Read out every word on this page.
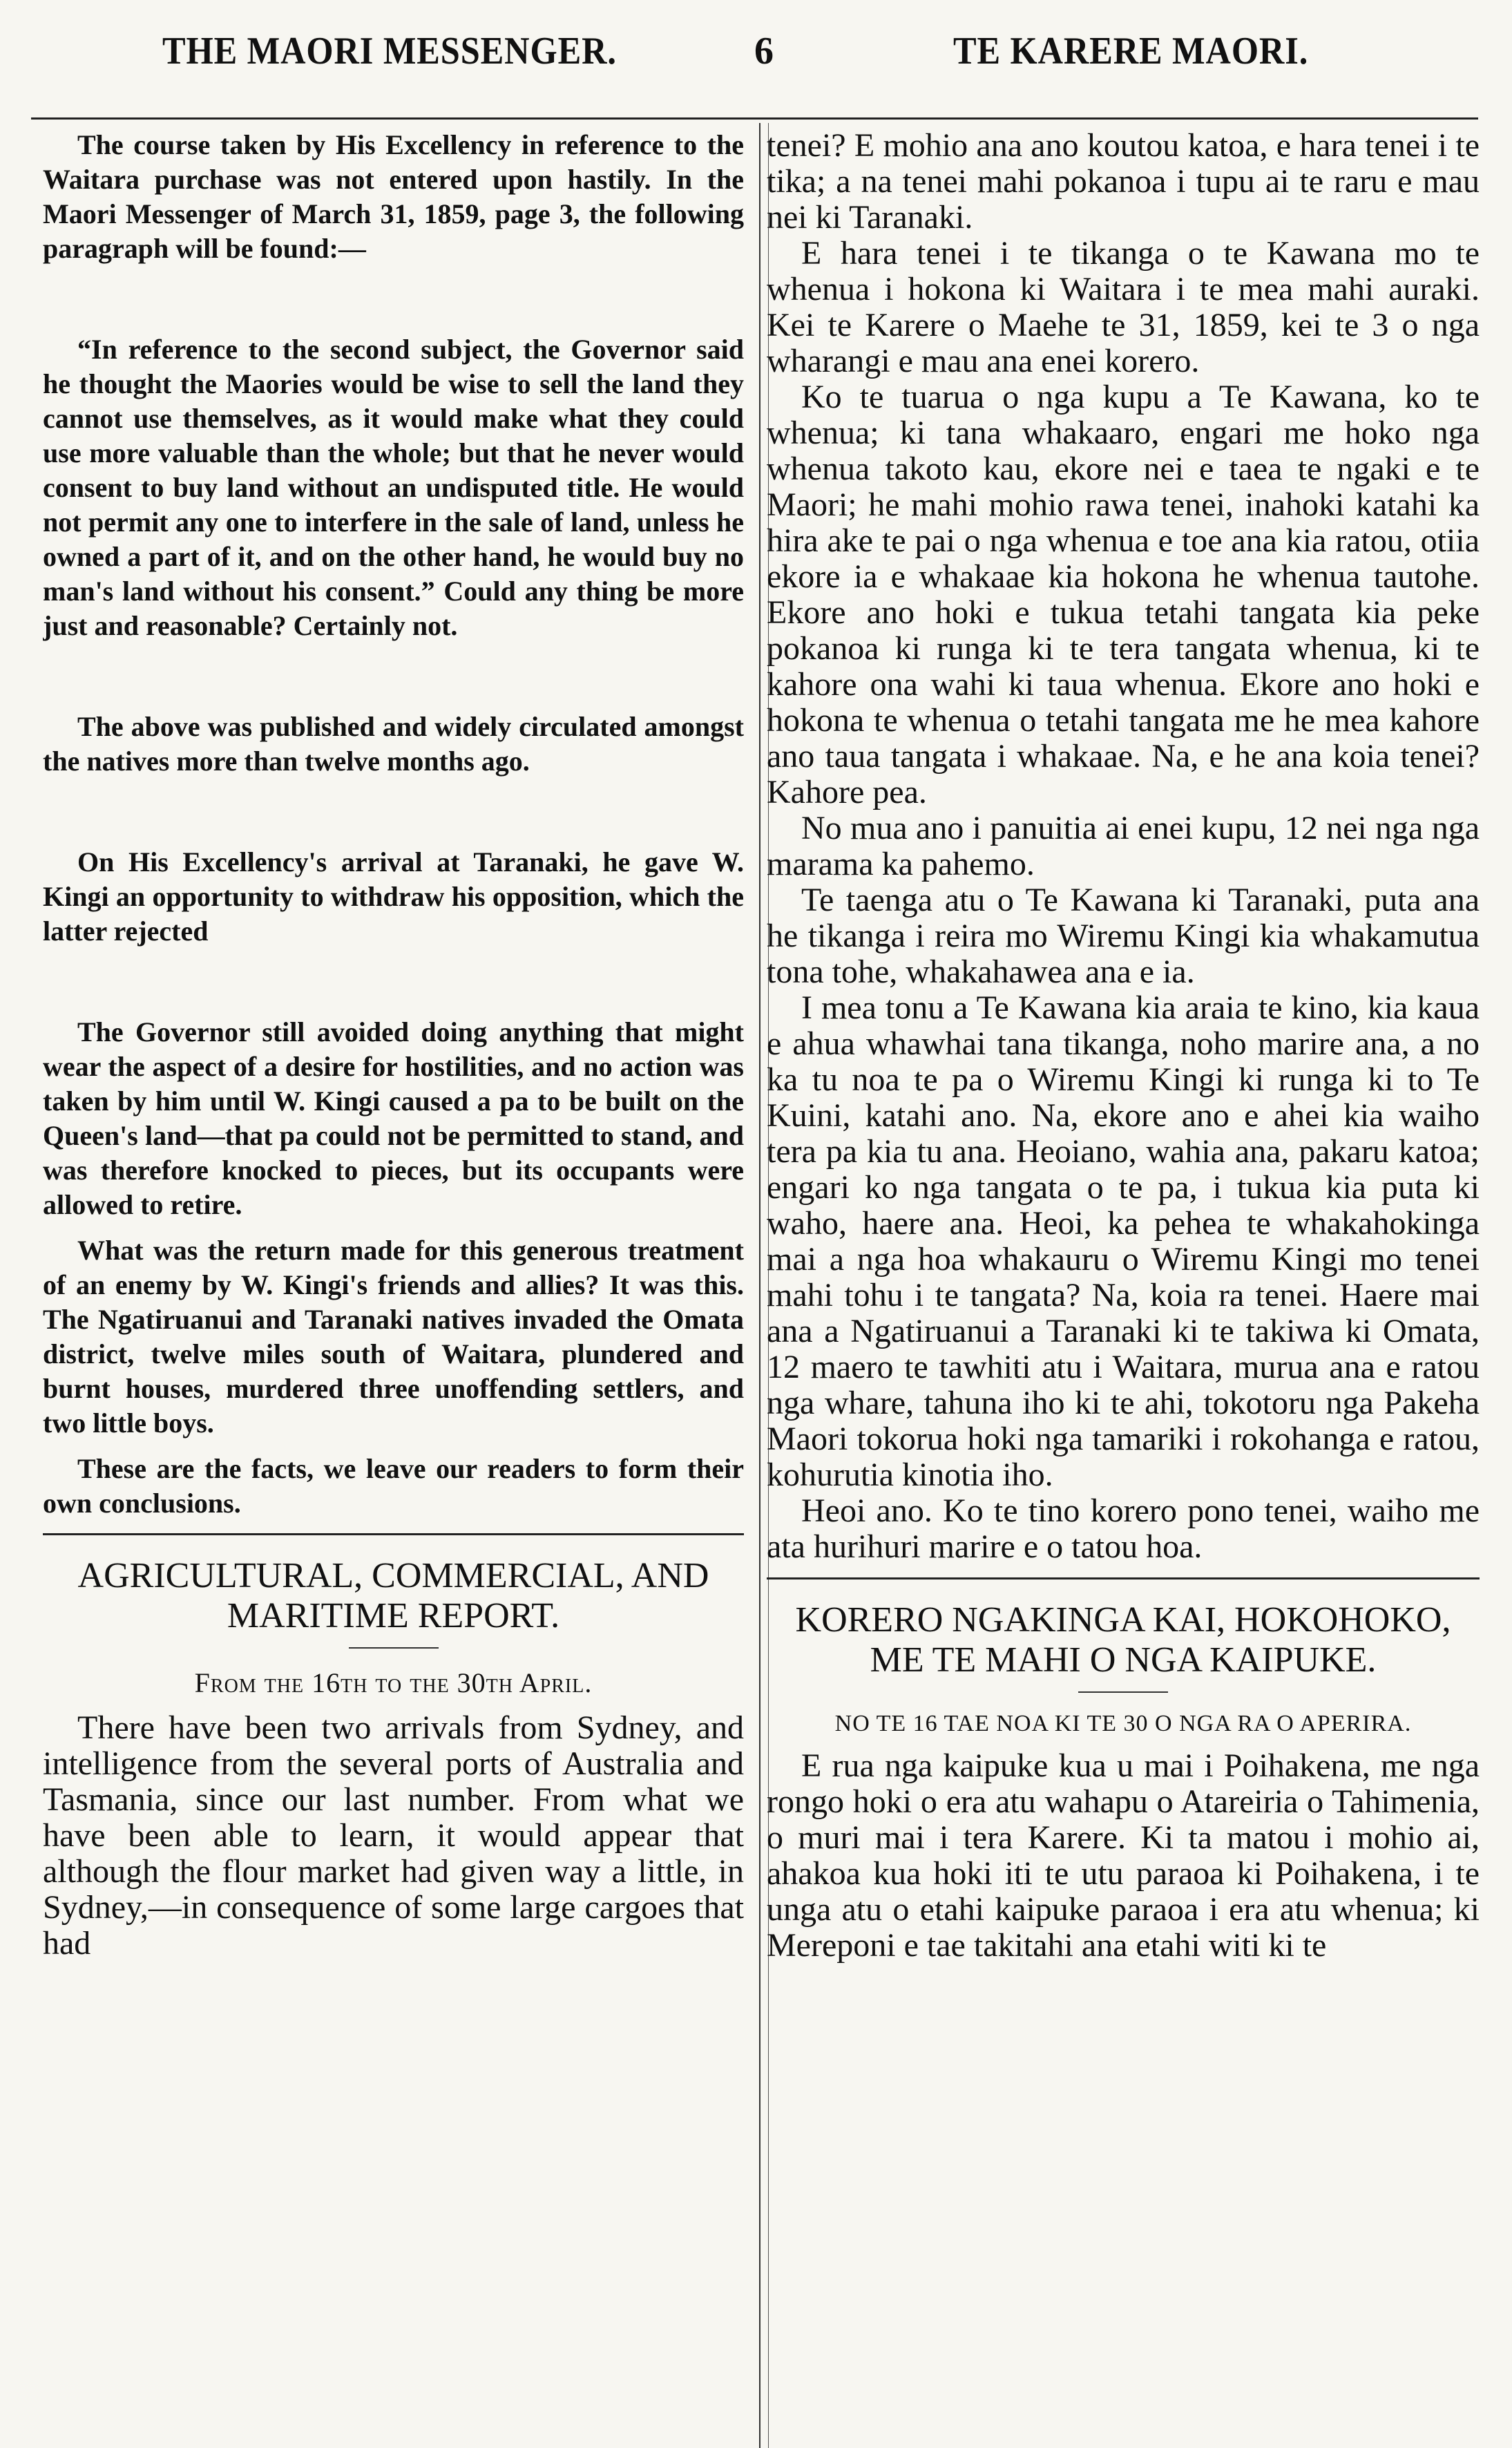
THE MAORI MESSENGER.	6	TE KARERE MAORI.

The course taken by His Excellency in reference to the Waitara purchase was not entered upon hastily. In the Maori Messenger of March 31, 1859, page 3, the following paragraph will be found:—

“In reference to the second subject, the Governor said he thought the Maories would be wise to sell the land they cannot use themselves, as it would make what they could use more valuable than the whole; but that he never would consent to buy land without an undisputed title. He would not permit any one to interfere in the sale of land, unless he owned a part of it, and on the other hand, he would buy no man's land without his consent.” Could any thing be more just and reasonable? Certainly not.

The above was published and widely circulated amongst the natives more than twelve months ago.

On His Excellency's arrival at Taranaki, he gave W. Kingi an opportunity to withdraw his opposition, which the latter rejected

The Governor still avoided doing anything that might wear the aspect of a desire for hostilities, and no action was taken by him until W. Kingi caused a pa to be built on the Queen's land—that pa could not be permitted to stand, and was therefore knocked to pieces, but its occupants were allowed to retire.

What was the return made for this generous treatment of an enemy by W. Kingi's friends and allies? It was this. The Ngatiruanui and Taranaki natives invaded the Omata district, twelve miles south of Waitara, plundered and burnt houses, murdered three unoffending settlers, and two little boys.

These are the facts, we leave our readers to form their own conclusions.

AGRICULTURAL, COMMERCIAL, AND
MARITIME REPORT.
From the 16th to the 30th April.

There have been two arrivals from Sydney, and intelligence from the several ports of Australia and Tasmania, since our last number. From what we have been able to learn, it would appear that although the flour market had given way a little, in Sydney,—in consequence of some large cargoes that had

tenei? E mohio ana ano koutou katoa, e hara tenei i te tika; a na tenei mahi pokanoa i tupu ai te raru e mau nei ki Taranaki.

E hara tenei i te tikanga o te Kawana mo te whenua i hokona ki Waitara i te mea mahi auraki. Kei te Karere o Maehe te 31, 1859, kei te 3 o nga wharangi e mau ana enei korero.

Ko te tuarua o nga kupu a Te Kawana, ko te whenua; ki tana whakaaro, engari me hoko nga whenua takoto kau, ekore nei e taea te ngaki e te Maori; he mahi mohio rawa tenei, inahoki katahi ka hira ake te pai o nga whenua e toe ana kia ratou, otiia ekore ia e whakaae kia hokona he whenua tautohe. Ekore ano hoki e tukua tetahi tangata kia peke pokanoa ki runga ki te tera tangata whenua, ki te kahore ona wahi ki taua whenua. Ekore ano hoki e hokona te whenua o tetahi tangata me he mea kahore ano taua tangata i whakaae. Na, e he ana koia tenei? Kahore pea.

No mua ano i panuitia ai enei kupu, 12 nei nga nga marama ka pahemo.

Te taenga atu o Te Kawana ki Taranaki, puta ana he tikanga i reira mo Wiremu Kingi kia whakamutua tona tohe, whakahawea ana e ia.

I mea tonu a Te Kawana kia araia te kino, kia kaua e ahua whawhai tana tikanga, noho marire ana, a no ka tu noa te pa o Wiremu Kingi ki runga ki to Te Kuini, katahi ano. Na, ekore ano e ahei kia waiho tera pa kia tu ana. Heoiano, wahia ana, pakaru katoa; engari ko nga tangata o te pa, i tukua kia puta ki waho, haere ana. Heoi, ka pehea te whakahokinga mai a nga hoa whakauru o Wiremu Kingi mo tenei mahi tohu i te tangata? Na, koia ra tenei. Haere mai ana a Ngatiruanui a Taranaki ki te takiwa ki Omata, 12 maero te tawhiti atu i Waitara, murua ana e ratou nga whare, tahuna iho ki te ahi, tokotoru nga Pakeha Maori tokorua hoki nga tamariki i rokohanga e ratou, kohurutia kinotia iho.

Heoi ano. Ko te tino korero pono tenei, waiho me ata hurihuri marire e o tatou hoa.

KORERO NGAKINGA KAI, HOKOHOKO,
ME TE MAHI O NGA KAIPUKE.
NO TE 16 TAE NOA KI TE 30 O NGA RA O APERIRA.

E rua nga kaipuke kua u mai i Poihakena, me nga rongo hoki o era atu wahapu o Atareiria o Tahimenia, o muri mai i tera Karere. Ki ta matou i mohio ai, ahakoa kua hoki iti te utu paraoa ki Poihakena, i te unga atu o etahi kaipuke paraoa i era atu whenua; ki Mereponi e tae takitahi ana etahi witi ki te
